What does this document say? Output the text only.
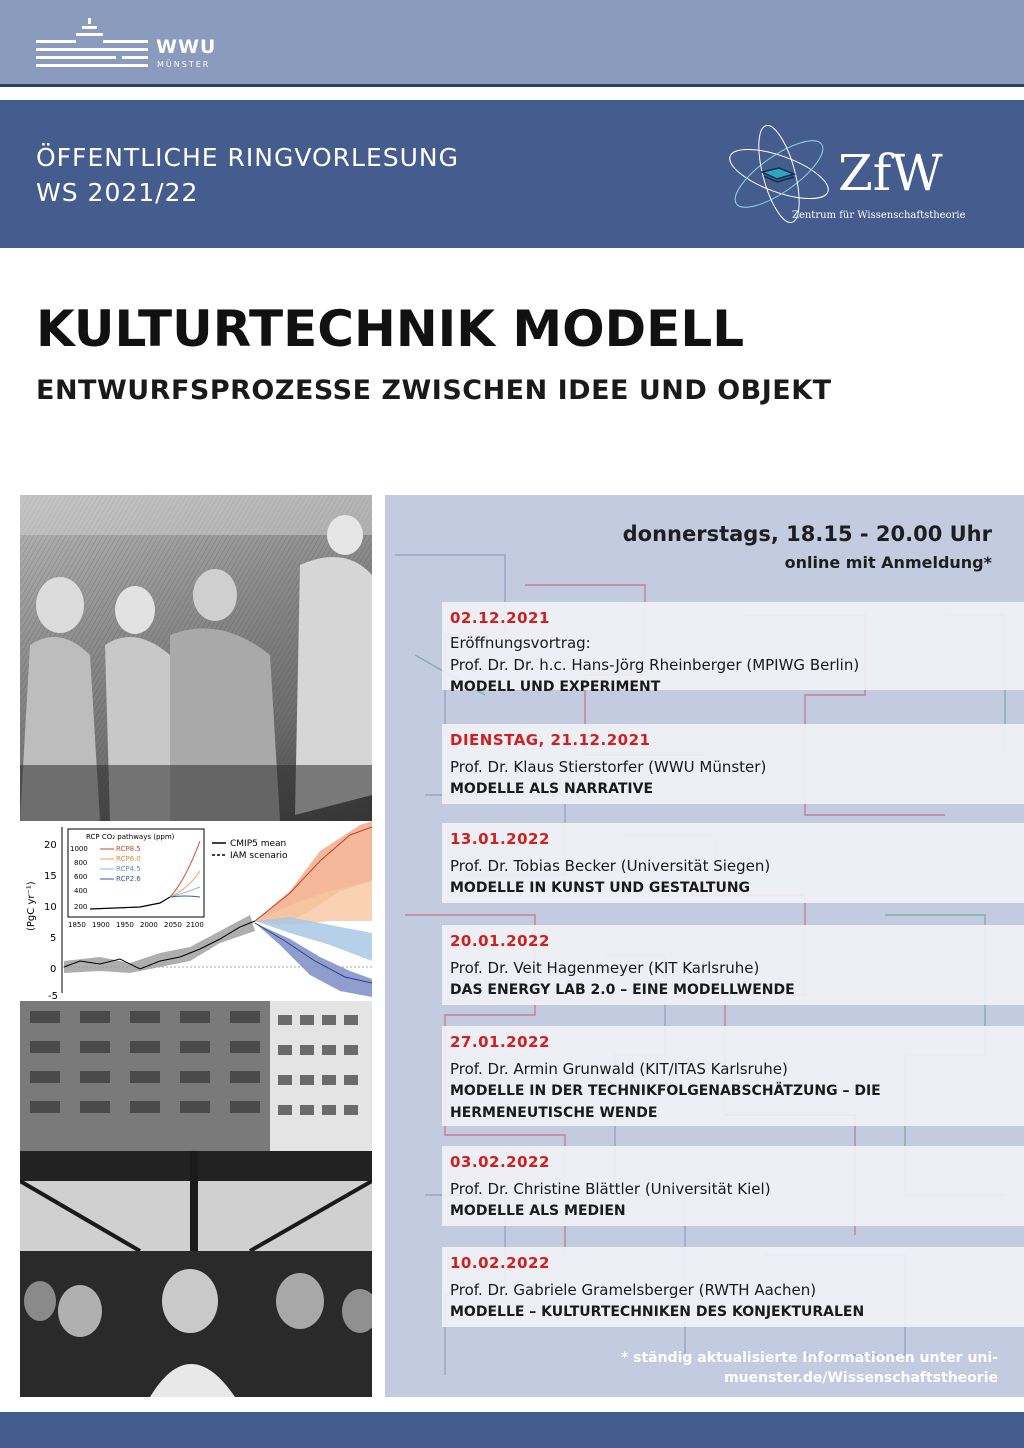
WWU
MÜNSTER
ÖFFENTLICHE RINGVORLESUNG
WS 2021/22	ZfW
Zentrum für Wissenschaftstheorie
KULTURTECHNIK MODELL
ENTWURFSPROZESSE ZWISCHEN IDEE UND OBJEKT
20
15
10
5
0
-5
(PgC yr⁻¹)
RCP CO₂ pathways (ppm)
1000
800
600
400
200
1850 1900 1950 2000 2050 2100
RCP8.5
RCP6.0
RCP4.5
RCP2.6
CMIP5 mean
IAM scenario
donnerstags, 18.15 - 20.00 Uhr
online mit Anmeldung*
02.12.2021
Eröffnungsvortrag:
Prof. Dr. Dr. h.c. Hans-Jörg Rheinberger (MPIWG Berlin)
MODELL UND EXPERIMENT
DIENSTAG, 21.12.2021
Prof. Dr. Klaus Stierstorfer (WWU Münster)
MODELLE ALS NARRATIVE
13.01.2022
Prof. Dr. Tobias Becker (Universität Siegen)
MODELLE IN KUNST UND GESTALTUNG
20.01.2022
Prof. Dr. Veit Hagenmeyer (KIT Karlsruhe)
DAS ENERGY LAB 2.0 – EINE MODELLWENDE
27.01.2022
Prof. Dr. Armin Grunwald (KIT/ITAS Karlsruhe)
MODELLE IN DER TECHNIKFOLGENABSCHÄTZUNG – DIE
HERMENEUTISCHE WENDE
03.02.2022
Prof. Dr. Christine Blättler (Universität Kiel)
MODELLE ALS MEDIEN
10.02.2022
Prof. Dr. Gabriele Gramelsberger (RWTH Aachen)
MODELLE – KULTURTECHNIKEN DES KONJEKTURALEN
* ständig aktualisierte Informationen unter uni-
muenster.de/Wissenschaftstheorie
